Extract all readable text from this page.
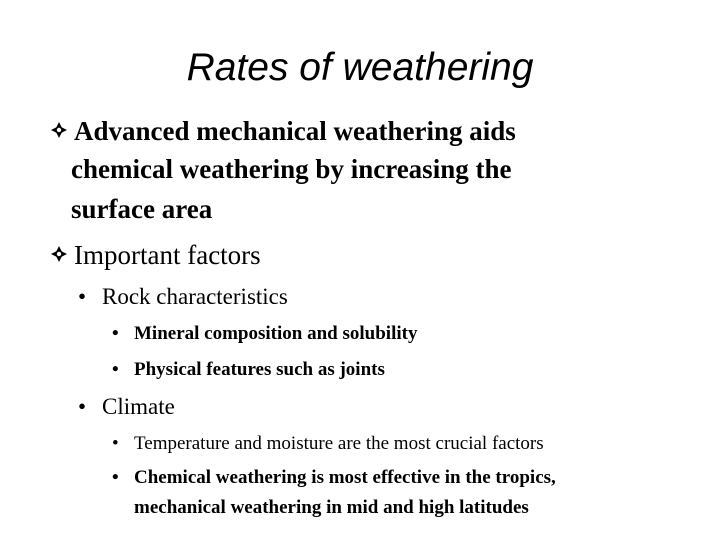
Rates of weathering
Advanced mechanical weathering aids
chemical weathering by increasing the
surface area
Important factors
• Rock characteristics
• Mineral composition and solubility
• Physical features such as joints
• Climate
• Temperature and moisture are the most crucial factors
• Chemical weathering is most effective in the tropics,
mechanical weathering in mid and high latitudes
